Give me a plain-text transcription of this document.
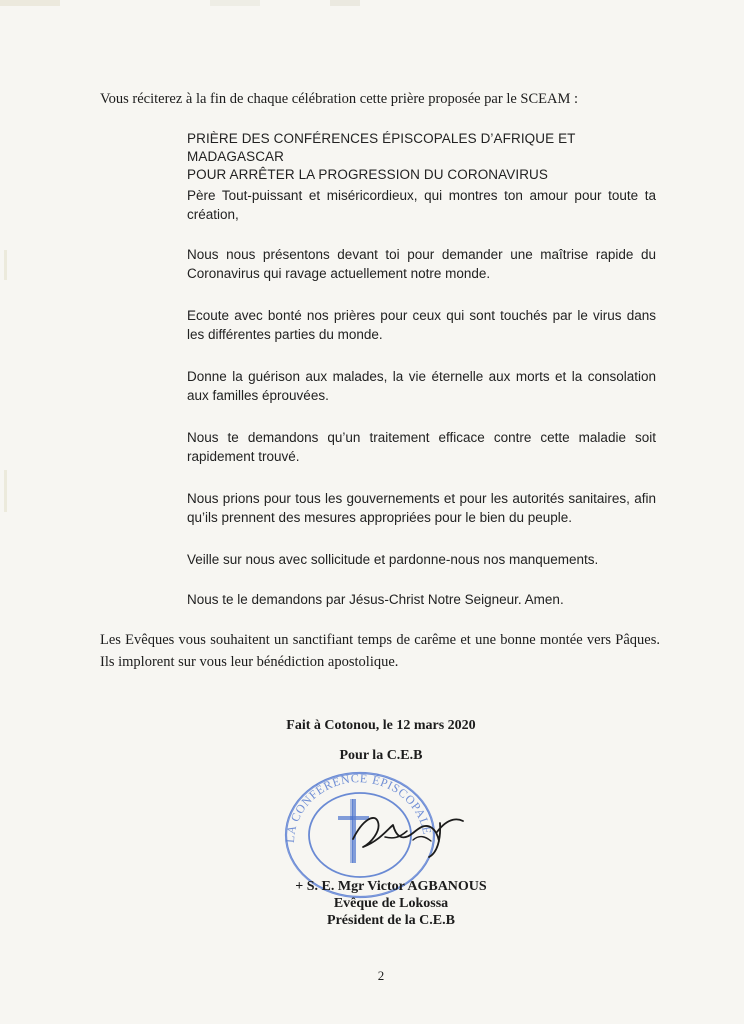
Vous réciterez à la fin de chaque célébration cette prière proposée par le SCEAM :
PRIÈRE DES CONFÉRENCES ÉPISCOPALES D’AFRIQUE ET MADAGASCAR
POUR ARRÊTER LA PROGRESSION DU CORONAVIRUS

Père Tout-puissant et miséricordieux, qui montres ton amour pour toute ta création,

Nous nous présentons devant toi pour demander une maîtrise rapide du Coronavirus qui ravage actuellement notre monde.

Ecoute avec bonté nos prières pour ceux qui sont touchés par le virus dans les différentes parties du monde.

Donne la guérison aux malades, la vie éternelle aux morts et la consolation aux familles éprouvées.

Nous te demandons qu’un traitement efficace contre cette maladie soit rapidement trouvé.

Nous prions pour tous les gouvernements et pour les autorités sanitaires, afin qu’ils prennent des mesures appropriées pour le bien du peuple.

Veille sur nous avec sollicitude et pardonne-nous nos manquements.

Nous te le demandons par Jésus-Christ Notre Seigneur. Amen.

Les Evêques vous souhaitent un sanctifiant temps de carême et une bonne montée vers Pâques. Ils implorent sur vous leur bénédiction apostolique.
Fait à Cotonou, le 12 mars 2020
Pour la C.E.B
LA CONFÉRENCE ÉPISCOPALE
+ S. E. Mgr Victor AGBANOUS
Evêque de Lokossa
Président de la C.E.B
2
